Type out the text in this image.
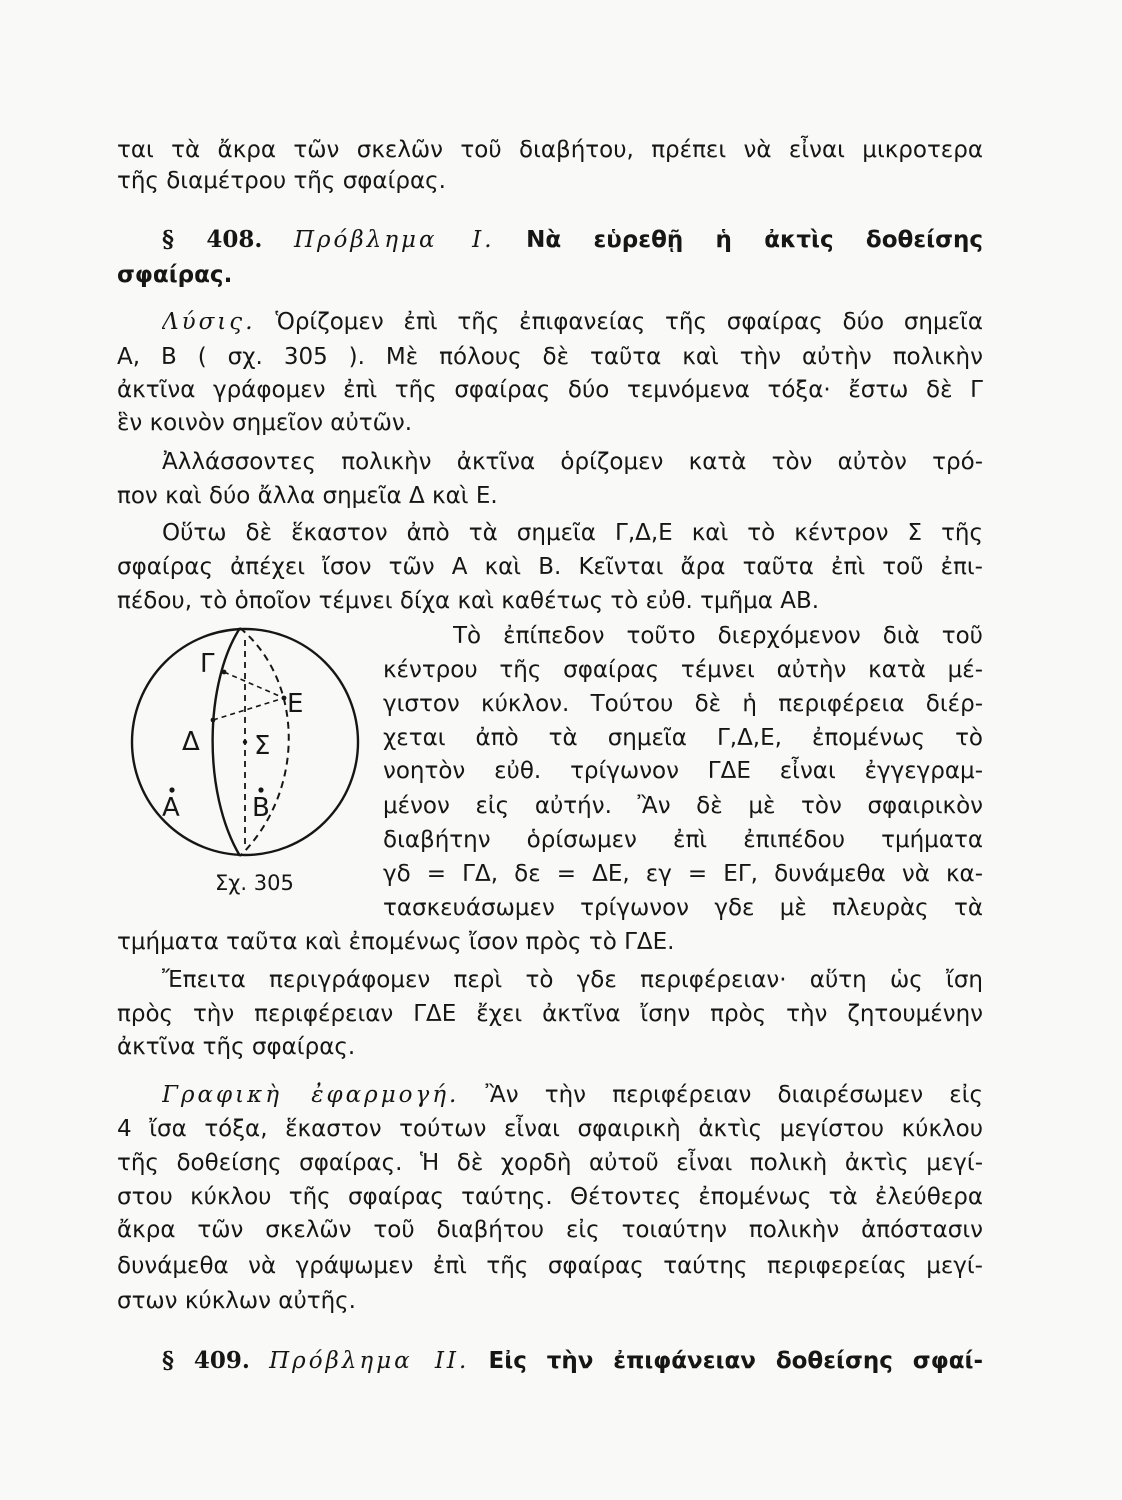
ται τὰ ἄκρα τῶν σκελῶν τοῦ διαβήτου, πρέπει νὰ εἶναι μικροτερα
τῆς διαμέτρου τῆς σφαίρας.
§ 408. Πρόβλημα Ι. Νὰ εὑρεθῇ ἡ ἀκτὶς δοθείσης
σφαίρας.
Λύσις. Ὁρίζομεν ἐπὶ τῆς ἐπιφανείας τῆς σφαίρας δύο σημεῖα
Α, Β ( σχ. 305 ). Μὲ πόλους δὲ ταῦτα καὶ τὴν αὐτὴν πολικὴν
ἀκτῖνα γράφομεν ἐπὶ τῆς σφαίρας δύο τεμνόμενα τόξα· ἔστω δὲ Γ
ἓν κοινὸν σημεῖον αὐτῶν.
Ἀλλάσσοντες πολικὴν ἀκτῖνα ὁρίζομεν κατὰ τὸν αὐτὸν τρό-
πον καὶ δύο ἄλλα σημεῖα Δ καὶ Ε.
Οὕτω δὲ ἕκαστον ἀπὸ τὰ σημεῖα Γ,Δ,Ε καὶ τὸ κέντρον Σ τῆς
σφαίρας ἀπέχει ἴσον τῶν Α καὶ Β. Κεῖνται ἄρα ταῦτα ἐπὶ τοῦ ἐπι-
πέδου, τὸ ὁποῖον τέμνει δίχα καὶ καθέτως τὸ εὐθ. τμῆμα ΑΒ.
Τὸ ἐπίπεδον τοῦτο διερχόμενον διὰ τοῦ
κέντρου τῆς σφαίρας τέμνει αὐτὴν κατὰ μέ-
γιστον κύκλον. Τούτου δὲ ἡ περιφέρεια διέρ-
χεται ἀπὸ τὰ σημεῖα Γ,Δ,Ε, ἐπομένως τὸ
νοητὸν εὐθ. τρίγωνον ΓΔΕ εἶναι ἐγγεγραμ-
μένον εἰς αὐτήν. Ἂν δὲ μὲ τὸν σφαιρικὸν
διαβήτην ὁρίσωμεν ἐπὶ ἐπιπέδου τμήματα
γδ = ΓΔ, δε = ΔΕ, εγ = ΕΓ, δυνάμεθα νὰ κα-
τασκευάσωμεν τρίγωνον γδε μὲ πλευρὰς τὰ
τμήματα ταῦτα καὶ ἐπομένως ἴσον πρὸς τὸ ΓΔΕ.
Ἔπειτα περιγράφομεν περὶ τὸ γδε περιφέρειαν· αὕτη ὡς ἴση
πρὸς τὴν περιφέρειαν ΓΔΕ ἔχει ἀκτῖνα ἴσην πρὸς τὴν ζητουμένην
ἀκτῖνα τῆς σφαίρας.
Γραφικὴ ἐφαρμογή. Ἂν τὴν περιφέρειαν διαιρέσωμεν εἰς
4 ἴσα τόξα, ἕκαστον τούτων εἶναι σφαιρικὴ ἀκτὶς μεγίστου κύκλου
τῆς δοθείσης σφαίρας. Ἡ δὲ χορδὴ αὐτοῦ εἶναι πολικὴ ἀκτὶς μεγί-
στου κύκλου τῆς σφαίρας ταύτης. Θέτοντες ἐπομένως τὰ ἐλεύθερα
ἄκρα τῶν σκελῶν τοῦ διαβήτου εἰς τοιαύτην πολικὴν ἀπόστασιν
δυνάμεθα νὰ γράψωμεν ἐπὶ τῆς σφαίρας ταύτης περιφερείας μεγί-
στων κύκλων αὐτῆς.
§ 409. Πρόβλημα ΙΙ. Εἰς τὴν ἐπιφάνειαν δοθείσης σφαί-
Γ
Ε
Δ Σ
Α	Β
Σχ. 305
